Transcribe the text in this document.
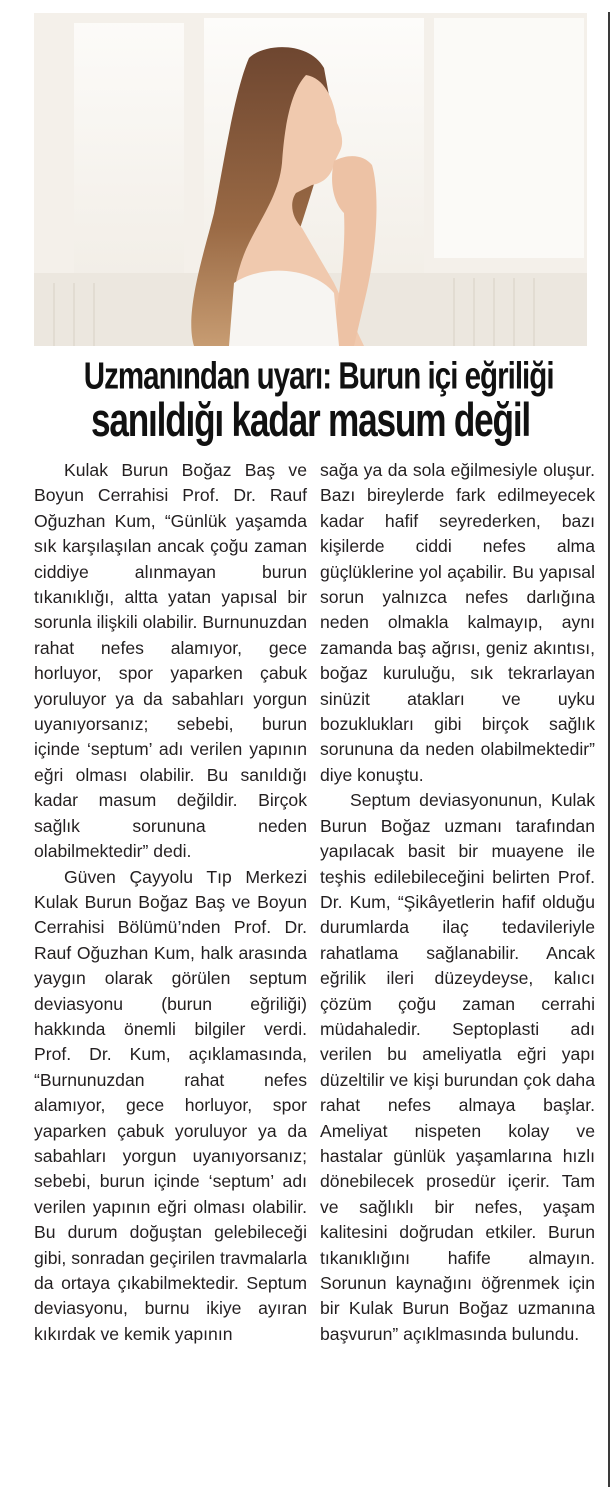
Uzmanından uyarı: Burun içi eğriliği
sanıldığı kadar masum değil

Kulak Burun Boğaz Baş ve Boyun Cerrahisi Prof. Dr. Rauf Oğuzhan Kum, “Günlük yaşamda sık karşılaşılan ancak çoğu zaman ciddiye alınmayan burun tıkanıklığı, altta yatan yapısal bir sorunla ilişkili olabilir. Burnunuzdan rahat nefes alamıyor, gece horluyor, spor yaparken çabuk yoruluyor ya da sabahları yorgun uyanıyorsanız; sebebi, burun içinde ‘septum’ adı verilen yapının eğri olması olabilir. Bu sanıldığı kadar masum değildir. Birçok sağlık sorununa neden olabilmektedir” dedi.

Güven Çayyolu Tıp Merkezi Kulak Burun Boğaz Baş ve Boyun Cerrahisi Bölümü’nden Prof. Dr. Rauf Oğuzhan Kum, halk arasında yaygın olarak görülen septum deviasyonu (burun eğriliği) hakkında önemli bilgiler verdi. Prof. Dr. Kum, açıklamasında, “Burnunuzdan rahat nefes alamıyor, gece horluyor, spor yaparken çabuk yoruluyor ya da sabahları yorgun uyanıyorsanız; sebebi, burun içinde ‘septum’ adı verilen yapının eğri olması olabilir. Bu durum doğuştan gelebileceği gibi, sonradan geçirilen travmalarla da ortaya çıkabilmektedir. Septum deviasyonu, burnu ikiye ayıran kıkırdak ve kemik yapının

sağa ya da sola eğilmesiyle oluşur. Bazı bireylerde fark edilmeyecek kadar hafif seyrederken, bazı kişilerde ciddi nefes alma güçlüklerine yol açabilir. Bu yapısal sorun yalnızca nefes darlığına neden olmakla kalmayıp, aynı zamanda baş ağrısı, geniz akıntısı, boğaz kuruluğu, sık tekrarlayan sinüzit atakları ve uyku bozuklukları gibi birçok sağlık sorununa da neden olabilmektedir” diye konuştu.

Septum deviasyonunun, Kulak Burun Boğaz uzmanı tarafından yapılacak basit bir muayene ile teşhis edilebileceğini belirten Prof. Dr. Kum, “Şikâyetlerin hafif olduğu durumlarda ilaç tedavileriyle rahatlama sağlanabilir. Ancak eğrilik ileri düzeydeyse, kalıcı çözüm çoğu zaman cerrahi müdahaledir. Septoplasti adı verilen bu ameliyatla eğri yapı düzeltilir ve kişi burundan çok daha rahat nefes almaya başlar. Ameliyat nispeten kolay ve hastalar günlük yaşamlarına hızlı dönebilecek prosedür içerir. Tam ve sağlıklı bir nefes, yaşam kalitesini doğrudan etkiler. Burun tıkanıklığını hafife almayın. Sorunun kaynağını öğrenmek için bir Kulak Burun Boğaz uzmanına başvurun” açıklmasında bulundu.
